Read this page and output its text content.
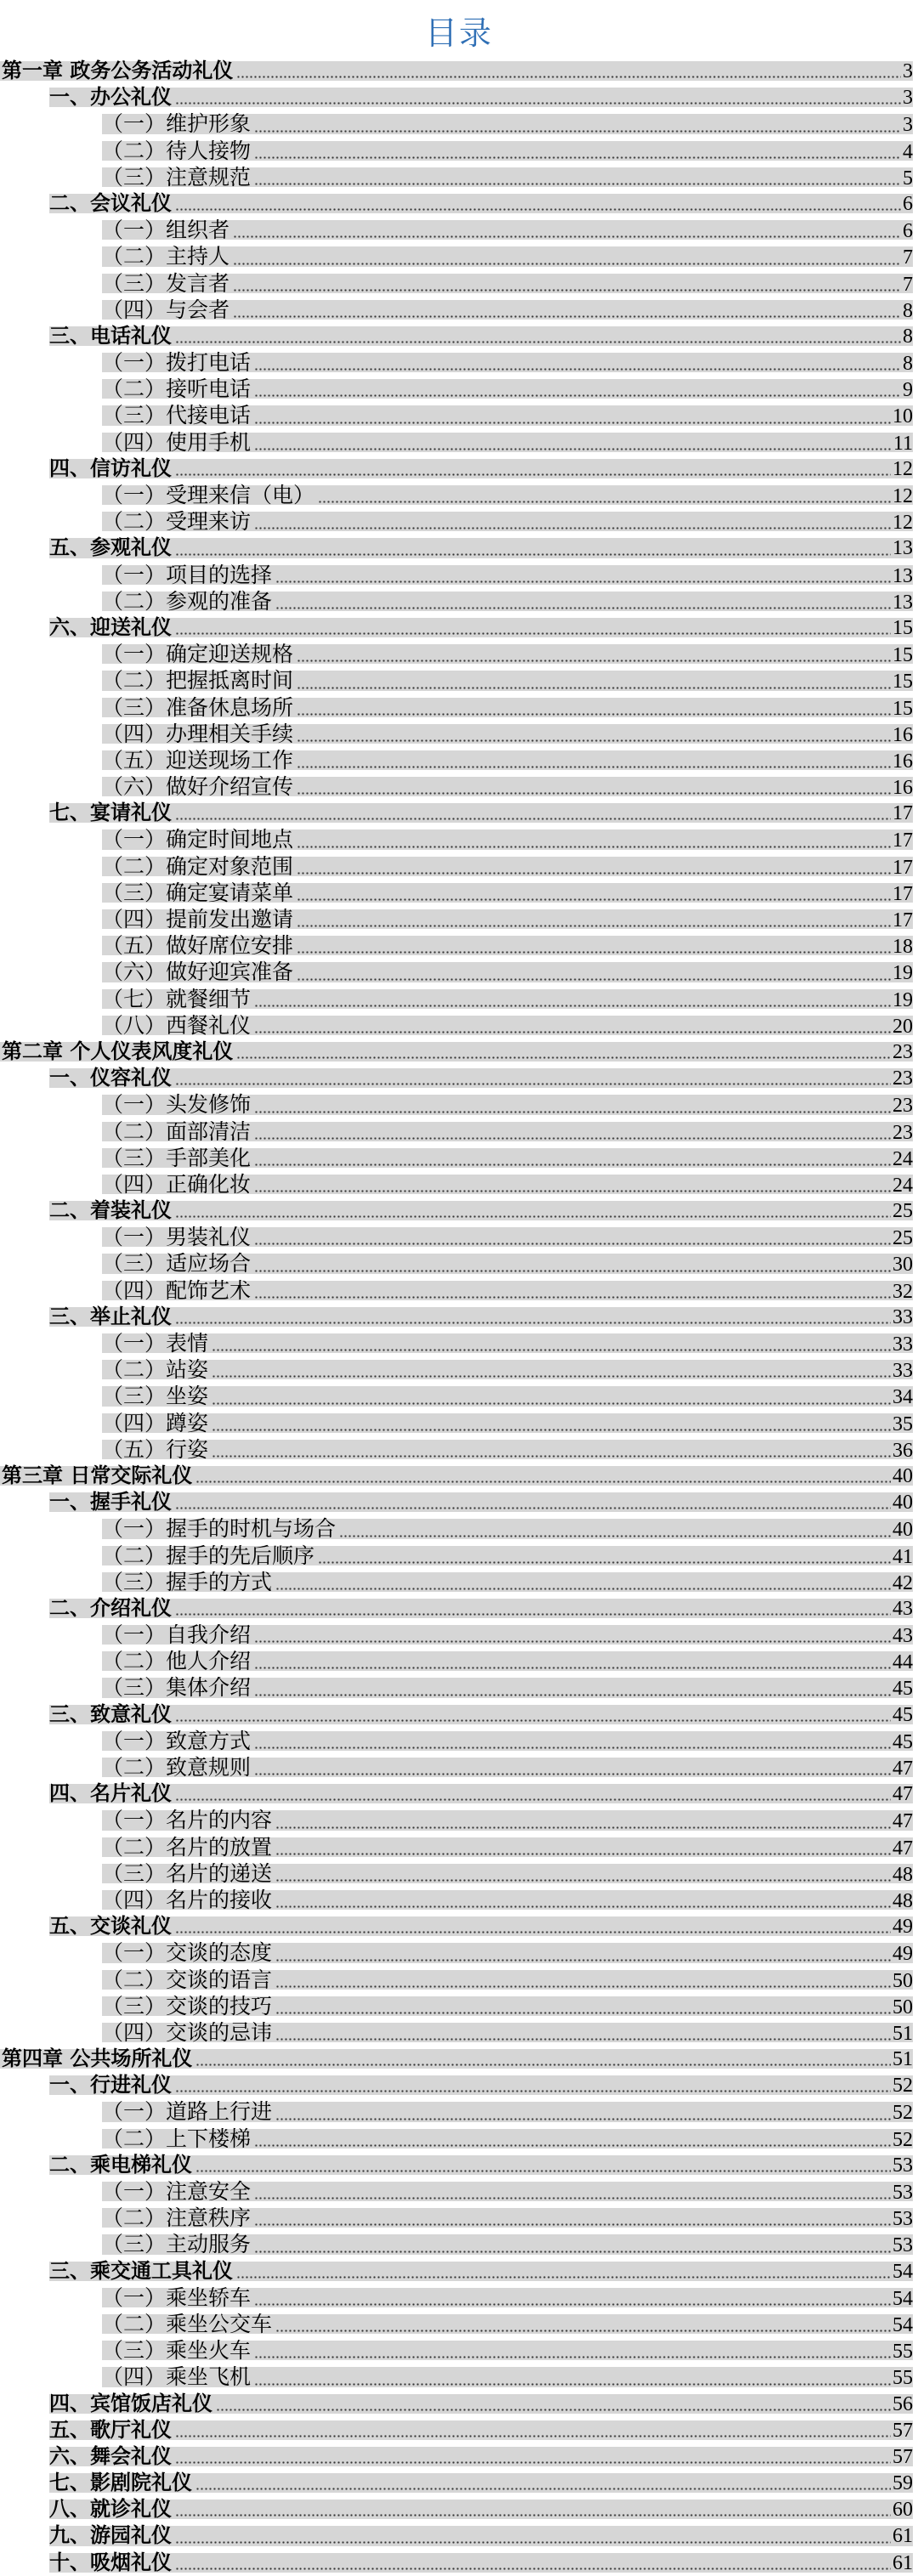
目录
第一章 政务公务活动礼仪	3
一、办公礼仪	3
（一）维护形象	3
（二）待人接物	4
（三）注意规范	5
二、会议礼仪	6
（一）组织者	6
（二）主持人	7
（三）发言者	7
（四）与会者	8
三、电话礼仪	8
（一）拨打电话	8
（二）接听电话	9
（三）代接电话	10
（四）使用手机	11
四、信访礼仪	12
（一）受理来信（电）	12
（二）受理来访	12
五、参观礼仪	13
（一）项目的选择	13
（二）参观的准备	13
六、迎送礼仪	15
（一）确定迎送规格	15
（二）把握抵离时间	15
（三）准备休息场所	15
（四）办理相关手续	16
（五）迎送现场工作	16
（六）做好介绍宣传	16
七、宴请礼仪	17
（一）确定时间地点	17
（二）确定对象范围	17
（三）确定宴请菜单	17
（四）提前发出邀请	17
（五）做好席位安排	18
（六）做好迎宾准备	19
（七）就餐细节	19
（八）西餐礼仪	20
第二章 个人仪表风度礼仪	23
一、仪容礼仪	23
（一）头发修饰	23
（二）面部清洁	23
（三）手部美化	24
（四）正确化妆	24
二、着装礼仪	25
（一）男装礼仪	25
（三）适应场合	30
（四）配饰艺术	32
三、举止礼仪	33
（一）表情	33
（二）站姿	33
（三）坐姿	34
（四）蹲姿	35
（五）行姿	36
第三章 日常交际礼仪	40
一、握手礼仪	40
（一）握手的时机与场合	40
（二）握手的先后顺序	41
（三）握手的方式	42
二、介绍礼仪	43
（一）自我介绍	43
（二）他人介绍	44
（三）集体介绍	45
三、致意礼仪	45
（一）致意方式	45
（二）致意规则	47
四、名片礼仪	47
（一）名片的内容	47
（二）名片的放置	47
（三）名片的递送	48
（四）名片的接收	48
五、交谈礼仪	49
（一）交谈的态度	49
（二）交谈的语言	50
（三）交谈的技巧	50
（四）交谈的忌讳	51
第四章 公共场所礼仪	51
一、行进礼仪	52
（一）道路上行进	52
（二）上下楼梯	52
二、乘电梯礼仪	53
（一）注意安全	53
（二）注意秩序	53
（三）主动服务	53
三、乘交通工具礼仪	54
（一）乘坐轿车	54
（二）乘坐公交车	54
（三）乘坐火车	55
（四）乘坐飞机	55
四、宾馆饭店礼仪	56
五、歌厅礼仪	57
六、舞会礼仪	57
七、影剧院礼仪	59
八、就诊礼仪	60
九、游园礼仪	61
十、吸烟礼仪	61
